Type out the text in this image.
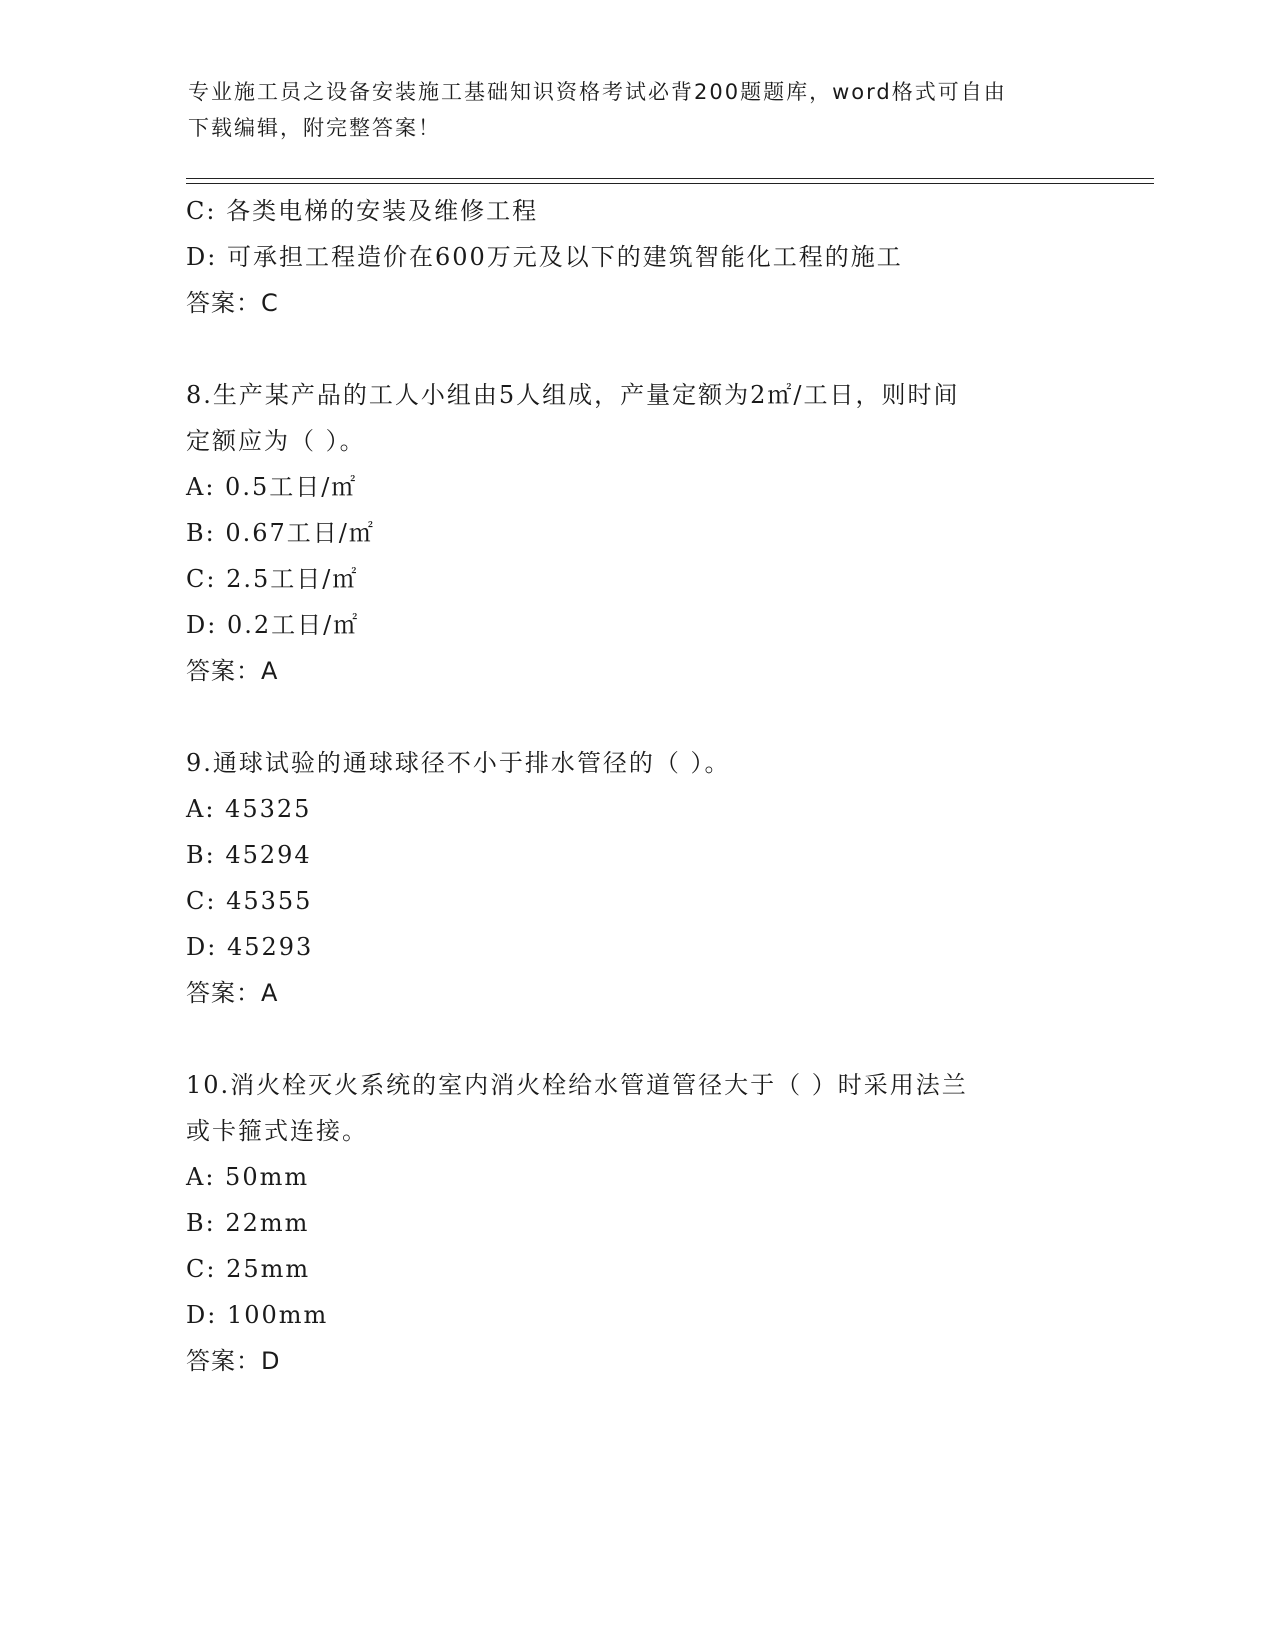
专业施工员之设备安装施工基础知识资格考试必背200题题库，word格式可自由
下载编辑，附完整答案！
C: 各类电梯的安装及维修工程
D: 可承担工程造价在600万元及以下的建筑智能化工程的施工
答案：C
8.生产某产品的工人小组由5人组成，产量定额为2㎡/工日，则时间
定额应为（ ）。
A: 0.5工日/㎡
B: 0.67工日/㎡
C: 2.5工日/㎡
D: 0.2工日/㎡
答案：A
9.通球试验的通球球径不小于排水管径的（ ）。
A: 45325
B: 45294
C: 45355
D: 45293
答案：A
10.消火栓灭火系统的室内消火栓给水管道管径大于（ ）时采用法兰
或卡箍式连接。
A: 50mm
B: 22mm
C: 25mm
D: 100mm
答案：D
